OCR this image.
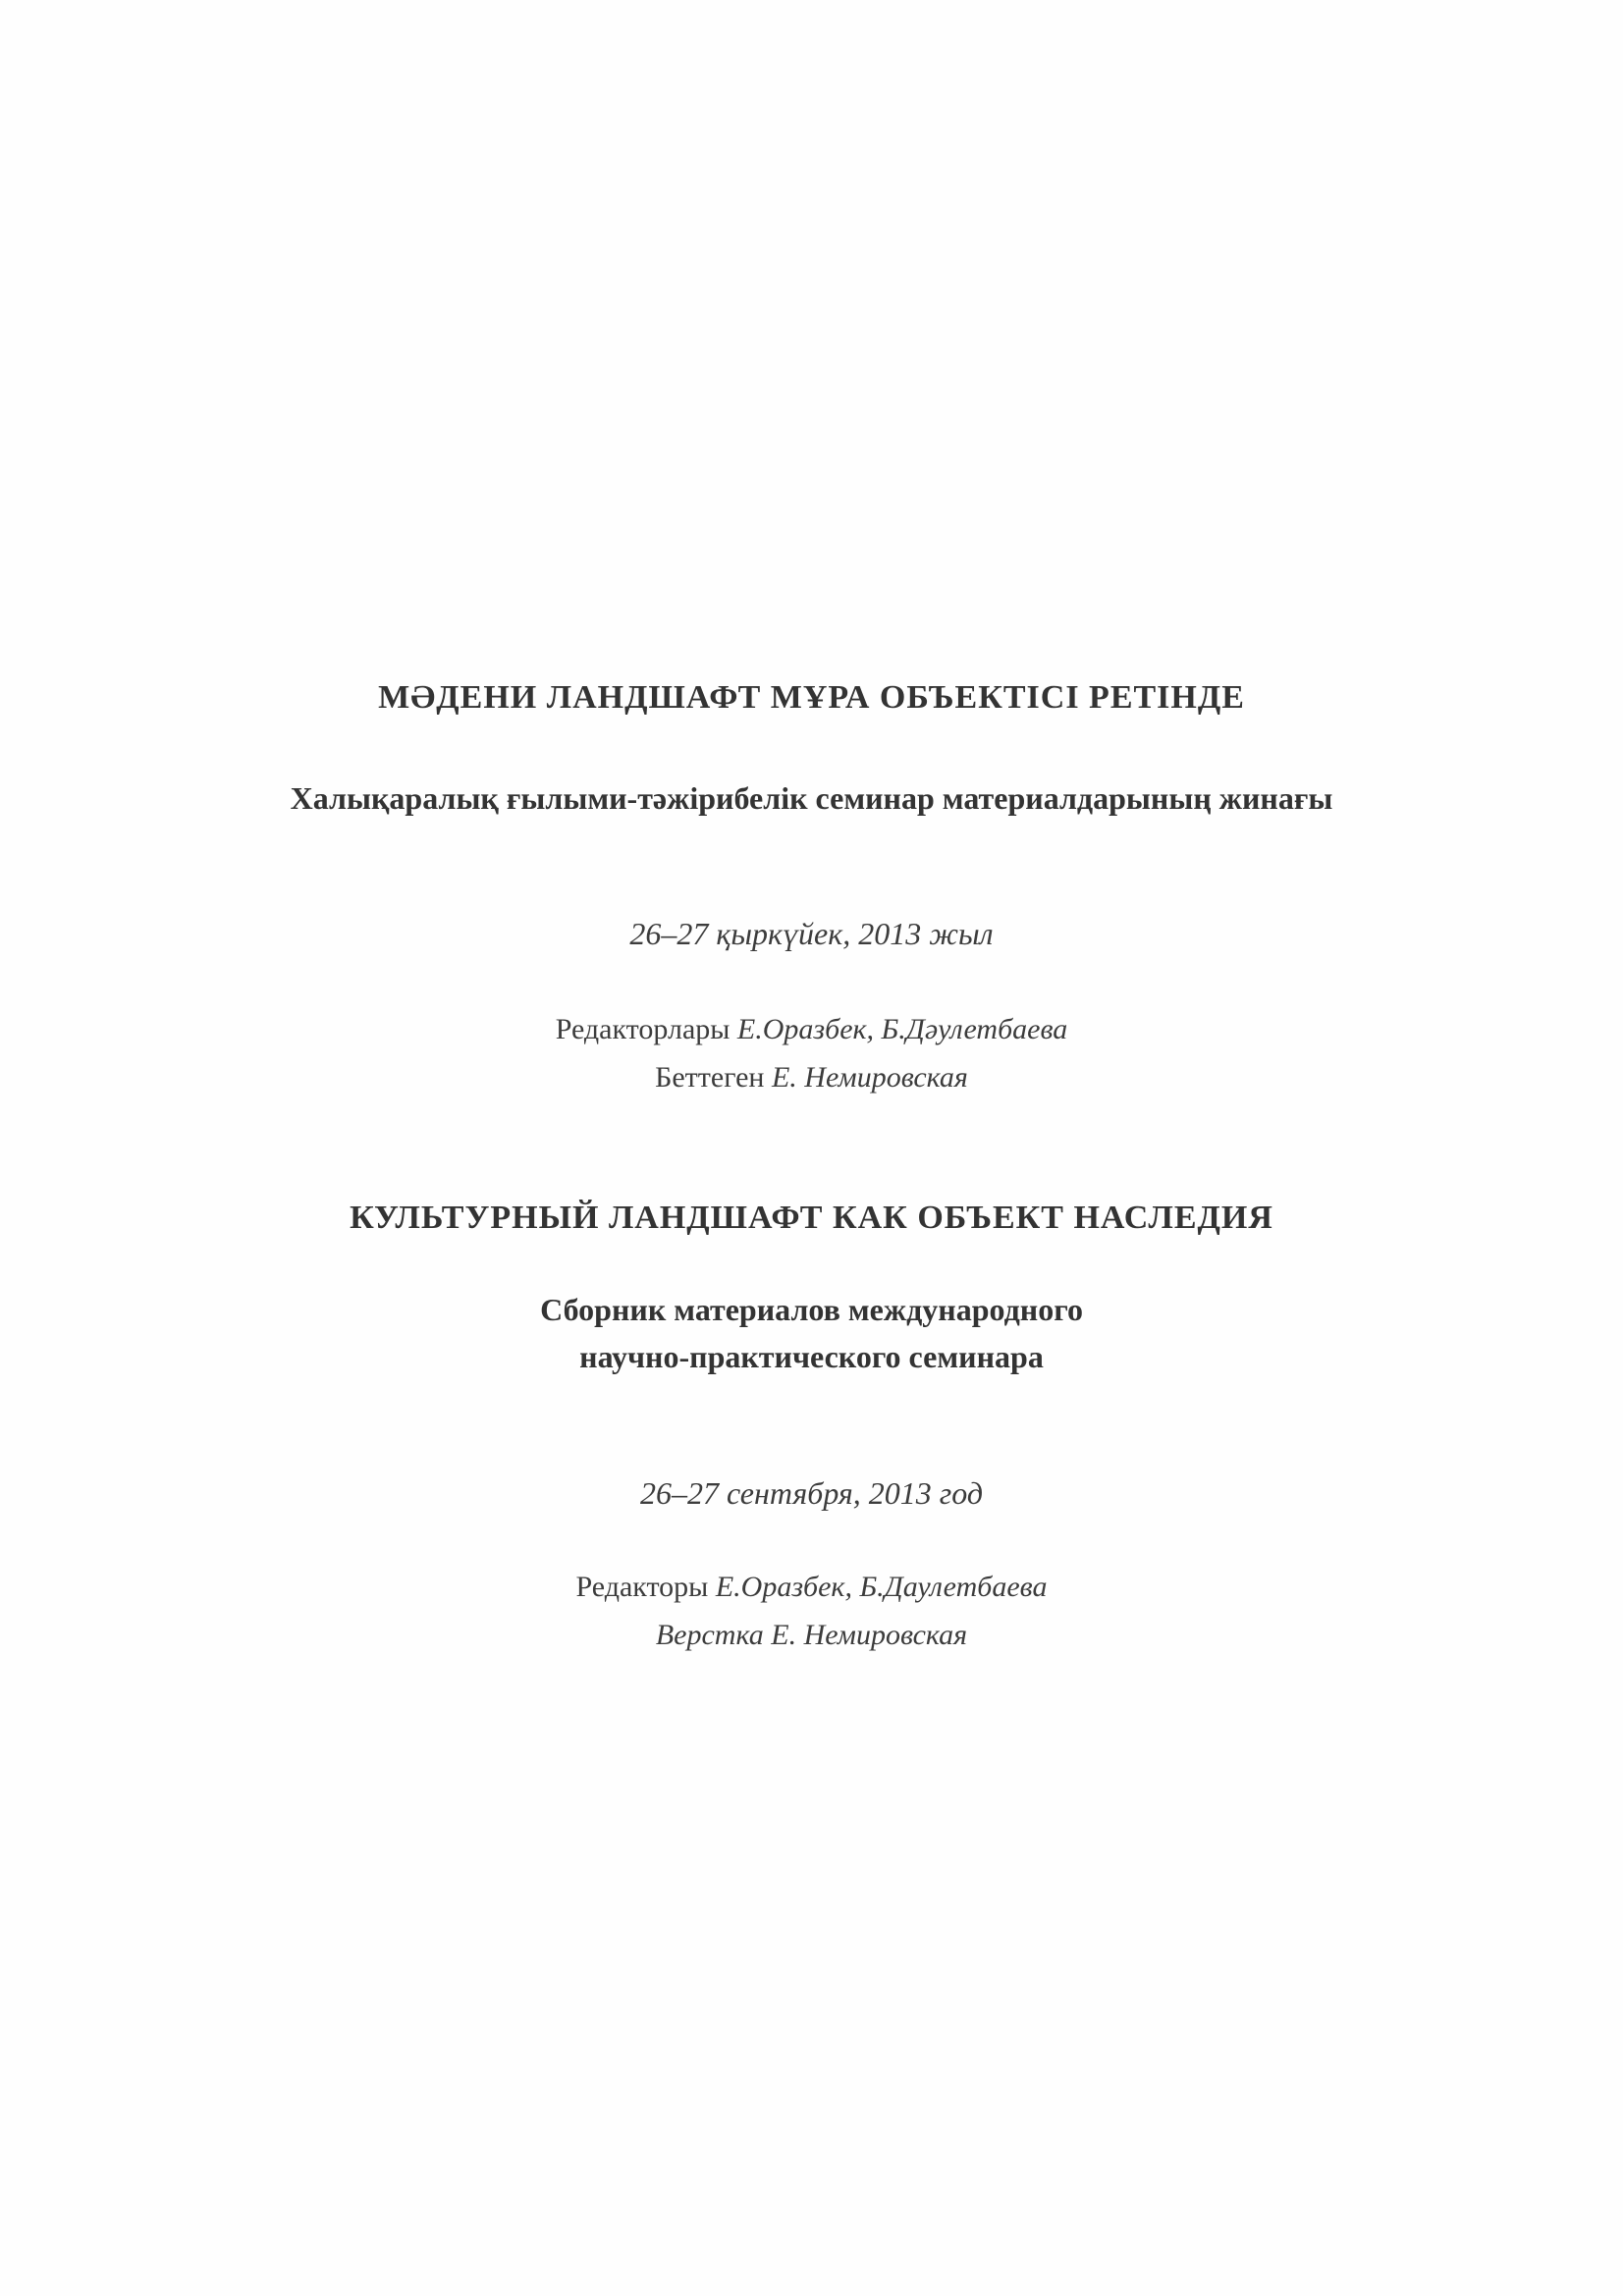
МӘДЕНИ ЛАНДШАФТ МҰРА ОБЪЕКТІСІ РЕТІНДЕ
Халықаралық ғылыми-тәжірибелік семинар материалдарының жинағы
26–27 қыркүйек, 2013 жыл
Редакторлары Е.Оразбек, Б.Дәулетбаева
Беттеген Е. Немировская
КУЛЬТУРНЫЙ ЛАНДШАФТ КАК ОБЪЕКТ НАСЛЕДИЯ
Сборник материалов международного
научно-практического семинара
26–27 сентября, 2013 год
Редакторы Е.Оразбек, Б.Даулетбаева
Верстка Е. Немировская
